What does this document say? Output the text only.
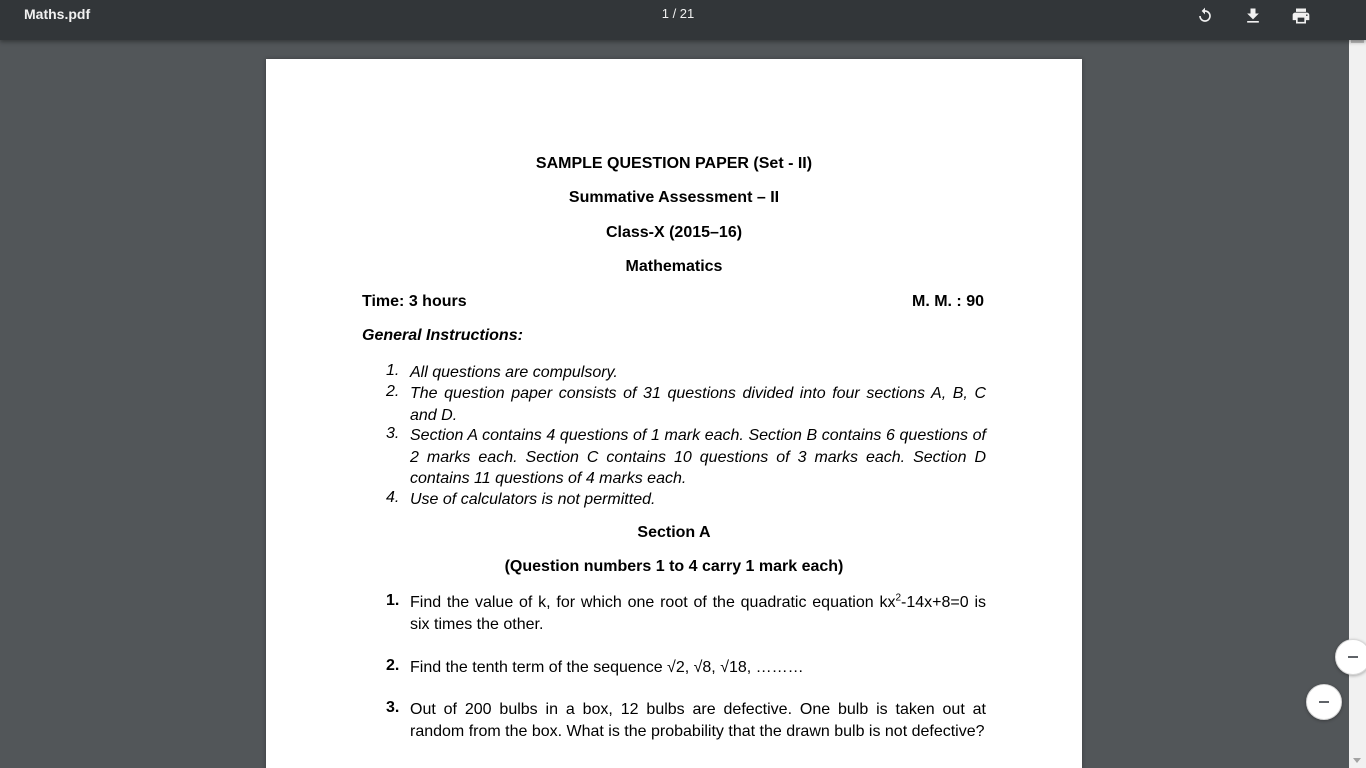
Maths.pdf	1 / 21
SAMPLE QUESTION PAPER (Set - II)
Summative Assessment – II
Class-X (2015–16)
Mathematics
Time: 3 hours	M. M. : 90
General Instructions:
1. All questions are compulsory.
2. The question paper consists of 31 questions divided into four sections A, B, C and D.
3. Section A contains 4 questions of 1 mark each. Section B contains 6 questions of 2 marks each. Section C contains 10 questions of 3 marks each. Section D contains 11 questions of 4 marks each.
4. Use of calculators is not permitted.
Section A
(Question numbers 1 to 4 carry 1 mark each)
1. Find the value of k, for which one root of the quadratic equation $kx^2-14x+8=0$ is six times the other.
2. Find the tenth term of the sequence √2, √8, √18, ………
3. Out of 200 bulbs in a box, 12 bulbs are defective. One bulb is taken out at random from the box. What is the probability that the drawn bulb is not defective?
